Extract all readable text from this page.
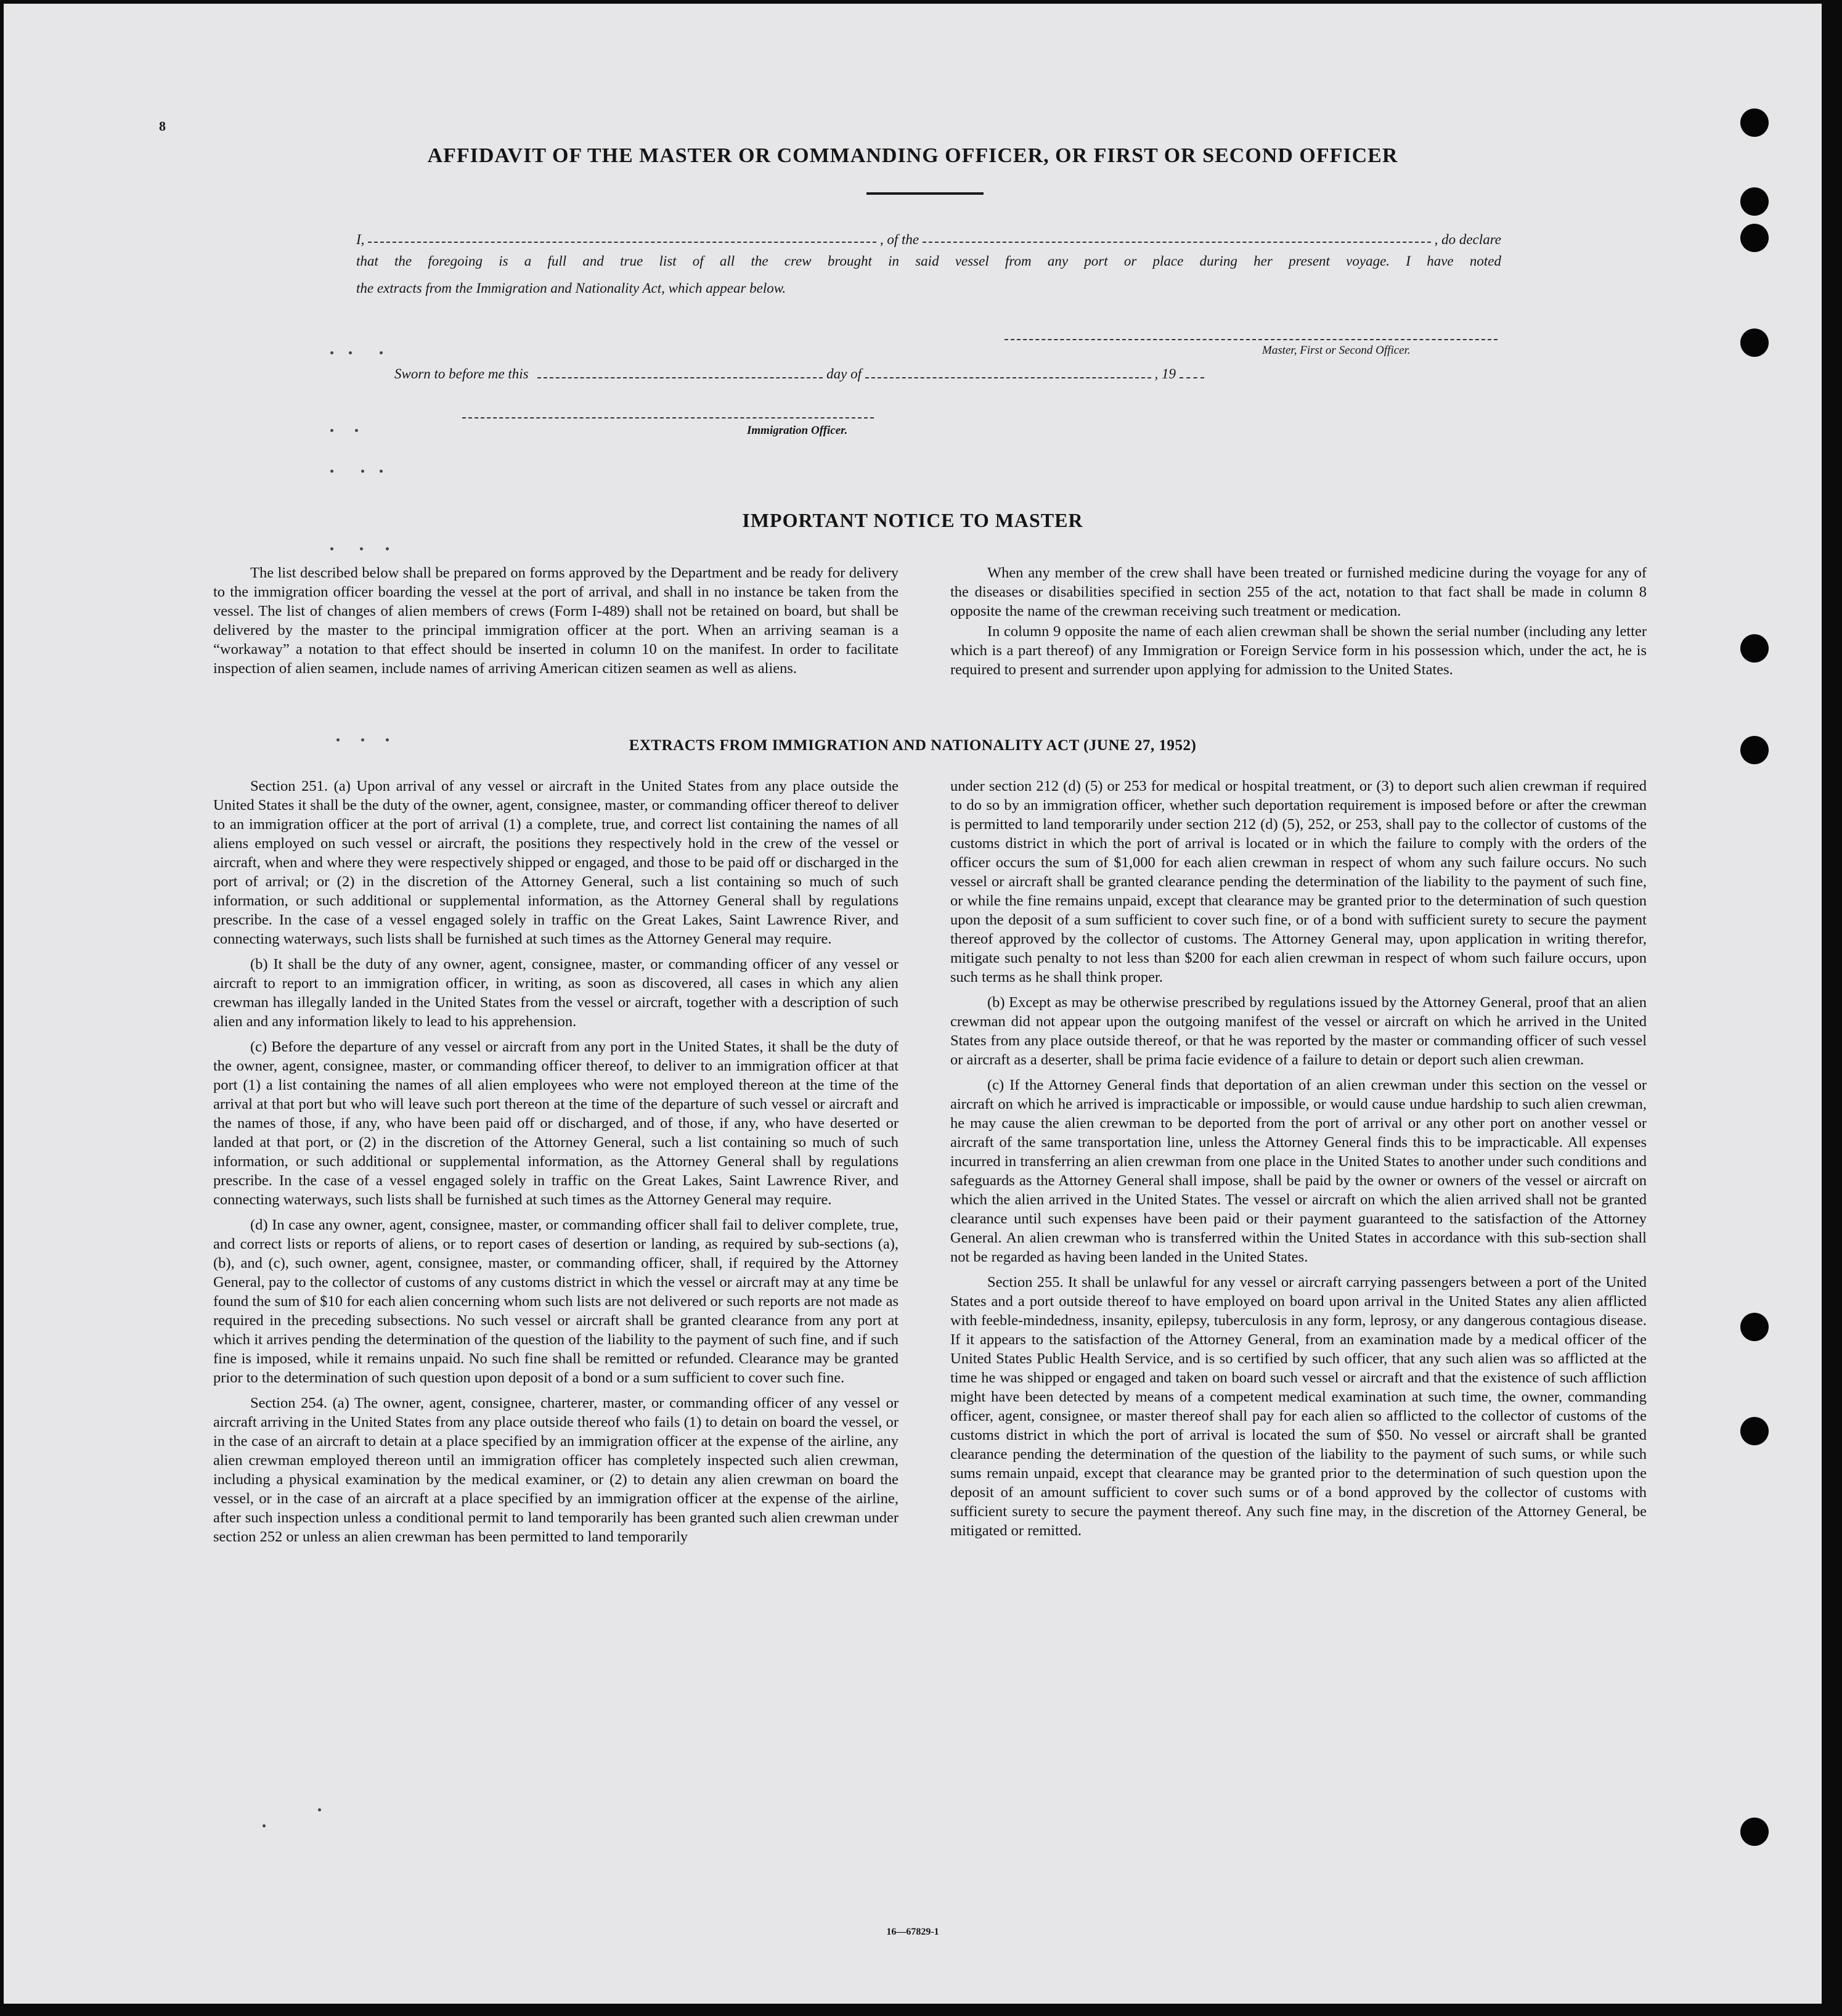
8
AFFIDAVIT OF THE MASTER OR COMMANDING OFFICER, OR FIRST OR SECOND OFFICER
I,	, of the	, do declare

that the foregoing is a full and true list of all the crew brought in said vessel from any port or place during her present voyage. I have noted

the extracts from the Immigration and Nationality Act, which appear below.
Master, First or Second Officer.
Sworn to before me this	day of	, 19
Immigration Officer.
IMPORTANT NOTICE TO MASTER

The list described below shall be prepared on forms approved by the Department and be ready for delivery to the immigration officer boarding the vessel at the port of arrival, and shall in no instance be taken from the vessel. The list of changes of alien members of crews (Form I-489) shall not be retained on board, but shall be delivered by the master to the principal immigration officer at the port. When an arriving seaman is a “workaway” a notation to that effect should be inserted in column 10 on the manifest. In order to facilitate inspection of alien seamen, include names of arriving American citizen seamen as well as aliens.

When any member of the crew shall have been treated or furnished medicine during the voyage for any of the diseases or disabilities specified in section 255 of the act, notation to that fact shall be made in column 8 opposite the name of the crewman receiving such treatment or medication.

In column 9 opposite the name of each alien crewman shall be shown the serial number (including any letter which is a part thereof) of any Immigration or Foreign Service form in his possession which, under the act, he is required to present and surrender upon applying for admission to the United States.

EXTRACTS FROM IMMIGRATION AND NATIONALITY ACT (JUNE 27, 1952)

Section 251. (a) Upon arrival of any vessel or aircraft in the United States from any place outside the United States it shall be the duty of the owner, agent, consignee, master, or commanding officer thereof to deliver to an immigration officer at the port of arrival (1) a complete, true, and correct list containing the names of all aliens employed on such vessel or aircraft, the positions they respectively hold in the crew of the vessel or aircraft, when and where they were respectively shipped or engaged, and those to be paid off or discharged in the port of arrival; or (2) in the discretion of the Attorney General, such a list containing so much of such information, or such additional or supplemental information, as the Attorney General shall by regulations prescribe. In the case of a vessel engaged solely in traffic on the Great Lakes, Saint Lawrence River, and connecting waterways, such lists shall be furnished at such times as the Attorney General may require.

(b) It shall be the duty of any owner, agent, consignee, master, or commanding officer of any vessel or aircraft to report to an immigration officer, in writing, as soon as discovered, all cases in which any alien crewman has illegally landed in the United States from the vessel or aircraft, together with a description of such alien and any information likely to lead to his apprehension.

(c) Before the departure of any vessel or aircraft from any port in the United States, it shall be the duty of the owner, agent, consignee, master, or commanding officer thereof, to deliver to an immigration officer at that port (1) a list containing the names of all alien employees who were not employed thereon at the time of the arrival at that port but who will leave such port thereon at the time of the departure of such vessel or aircraft and the names of those, if any, who have been paid off or discharged, and of those, if any, who have deserted or landed at that port, or (2) in the discretion of the Attorney General, such a list containing so much of such information, or such additional or supplemental information, as the Attorney General shall by regulations prescribe. In the case of a vessel engaged solely in traffic on the Great Lakes, Saint Lawrence River, and connecting waterways, such lists shall be furnished at such times as the Attorney General may require.

(d) In case any owner, agent, consignee, master, or commanding officer shall fail to deliver complete, true, and correct lists or reports of aliens, or to report cases of desertion or landing, as required by sub-sections (a), (b), and (c), such owner, agent, consignee, master, or commanding officer, shall, if required by the Attorney General, pay to the collector of customs of any customs district in which the vessel or aircraft may at any time be found the sum of $10 for each alien concerning whom such lists are not delivered or such reports are not made as required in the preceding subsections. No such vessel or aircraft shall be granted clearance from any port at which it arrives pending the determination of the question of the liability to the payment of such fine, and if such fine is imposed, while it remains unpaid. No such fine shall be remitted or refunded. Clearance may be granted prior to the determination of such question upon deposit of a bond or a sum sufficient to cover such fine.

Section 254. (a) The owner, agent, consignee, charterer, master, or commanding officer of any vessel or aircraft arriving in the United States from any place outside thereof who fails (1) to detain on board the vessel, or in the case of an aircraft to detain at a place specified by an immigration officer at the expense of the airline, any alien crewman employed thereon until an immigration officer has completely inspected such alien crewman, including a physical examination by the medical examiner, or (2) to detain any alien crewman on board the vessel, or in the case of an aircraft at a place specified by an immigration officer at the expense of the airline, after such inspection unless a conditional permit to land temporarily has been granted such alien crewman under section 252 or unless an alien crewman has been permitted to land temporarily

under section 212 (d) (5) or 253 for medical or hospital treatment, or (3) to deport such alien crewman if required to do so by an immigration officer, whether such deportation requirement is imposed before or after the crewman is permitted to land temporarily under section 212 (d) (5), 252, or 253, shall pay to the collector of customs of the customs district in which the port of arrival is located or in which the failure to comply with the orders of the officer occurs the sum of $1,000 for each alien crewman in respect of whom any such failure occurs. No such vessel or aircraft shall be granted clearance pending the determination of the liability to the payment of such fine, or while the fine remains unpaid, except that clearance may be granted prior to the determination of such question upon the deposit of a sum sufficient to cover such fine, or of a bond with sufficient surety to secure the payment thereof approved by the collector of customs. The Attorney General may, upon application in writing therefor, mitigate such penalty to not less than $200 for each alien crewman in respect of whom such failure occurs, upon such terms as he shall think proper.

(b) Except as may be otherwise prescribed by regulations issued by the Attorney General, proof that an alien crewman did not appear upon the outgoing manifest of the vessel or aircraft on which he arrived in the United States from any place outside thereof, or that he was reported by the master or commanding officer of such vessel or aircraft as a deserter, shall be prima facie evidence of a failure to detain or deport such alien crewman.

(c) If the Attorney General finds that deportation of an alien crewman under this section on the vessel or aircraft on which he arrived is impracticable or impossible, or would cause undue hardship to such alien crewman, he may cause the alien crewman to be deported from the port of arrival or any other port on another vessel or aircraft of the same transportation line, unless the Attorney General finds this to be impracticable. All expenses incurred in transferring an alien crewman from one place in the United States to another under such conditions and safeguards as the Attorney General shall impose, shall be paid by the owner or owners of the vessel or aircraft on which the alien arrived in the United States. The vessel or aircraft on which the alien arrived shall not be granted clearance until such expenses have been paid or their payment guaranteed to the satisfaction of the Attorney General. An alien crewman who is transferred within the United States in accordance with this sub-section shall not be regarded as having been landed in the United States.

Section 255. It shall be unlawful for any vessel or aircraft carrying passengers between a port of the United States and a port outside thereof to have employed on board upon arrival in the United States any alien afflicted with feeble-mindedness, insanity, epilepsy, tuberculosis in any form, leprosy, or any dangerous contagious disease. If it appears to the satisfaction of the Attorney General, from an examination made by a medical officer of the United States Public Health Service, and is so certified by such officer, that any such alien was so afflicted at the time he was shipped or engaged and taken on board such vessel or aircraft and that the existence of such affliction might have been detected by means of a competent medical examination at such time, the owner, commanding officer, agent, consignee, or master thereof shall pay for each alien so afflicted to the collector of customs of the customs district in which the port of arrival is located the sum of $50. No vessel or aircraft shall be granted clearance pending the determination of the question of the liability to the payment of such sums, or while such sums remain unpaid, except that clearance may be granted prior to the determination of such question upon the deposit of an amount sufficient to cover such sums or of a bond approved by the collector of customs with sufficient surety to secure the payment thereof. Any such fine may, in the discretion of the Attorney General, be mitigated or remitted.

16—67829-1
